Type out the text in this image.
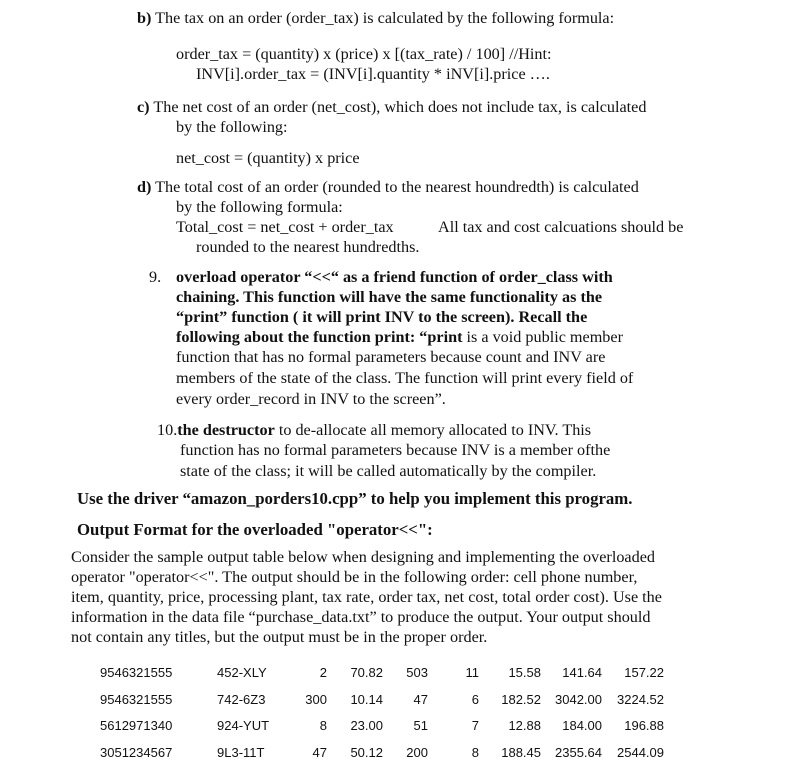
b) The tax on an order (order_tax) is calculated by the following formula:
order_tax = (quantity) x (price) x [(tax_rate) / 100] //Hint:
INV[i].order_tax = (INV[i].quantity * iNV[i].price ….
c) The net cost of an order (net_cost), which does not include tax, is calculated
by the following:
net_cost = (quantity) x price
d) The total cost of an order (rounded to the nearest houndredth) is calculated
by the following formula:
Total_cost = net_cost + order_tax	All tax and cost calcuations should be
rounded to the nearest hundredths.
9. overload operator “<<“ as a friend function of order_class with
chaining. This function will have the same functionality as the
“print” function ( it will print INV to the screen). Recall the
following about the function print: “print is a void public member
function that has no formal parameters because count and INV are
members of the state of the class. The function will print every field of
every order_record in INV to the screen”.
10.the destructor to de-allocate all memory allocated to INV. This
function has no formal parameters because INV is a member ofthe
state of the class; it will be called automatically by the compiler.
Use the driver “amazon_porders10.cpp” to help you implement this program.
Output Format for the overloaded "operator<<":
Consider the sample output table below when designing and implementing the overloaded
operator "operator<<". The output should be in the following order: cell phone number,
item, quantity, price, processing plant, tax rate, order tax, net cost, total order cost). Use the
information in the data file “purchase_data.txt” to produce the output. Your output should
not contain any titles, but the output must be in the proper order.
9546321555	452-XLY	2	70.82	503	11	15.58	141.64	157.22
9546321555	742-6Z3	300	10.14	47	6	182.52	3042.00	3224.52
5612971340	924-YUT	8	23.00	51	7	12.88	184.00	196.88
3051234567	9L3-11T	47	50.12	200	8	188.45	2355.64	2544.09
